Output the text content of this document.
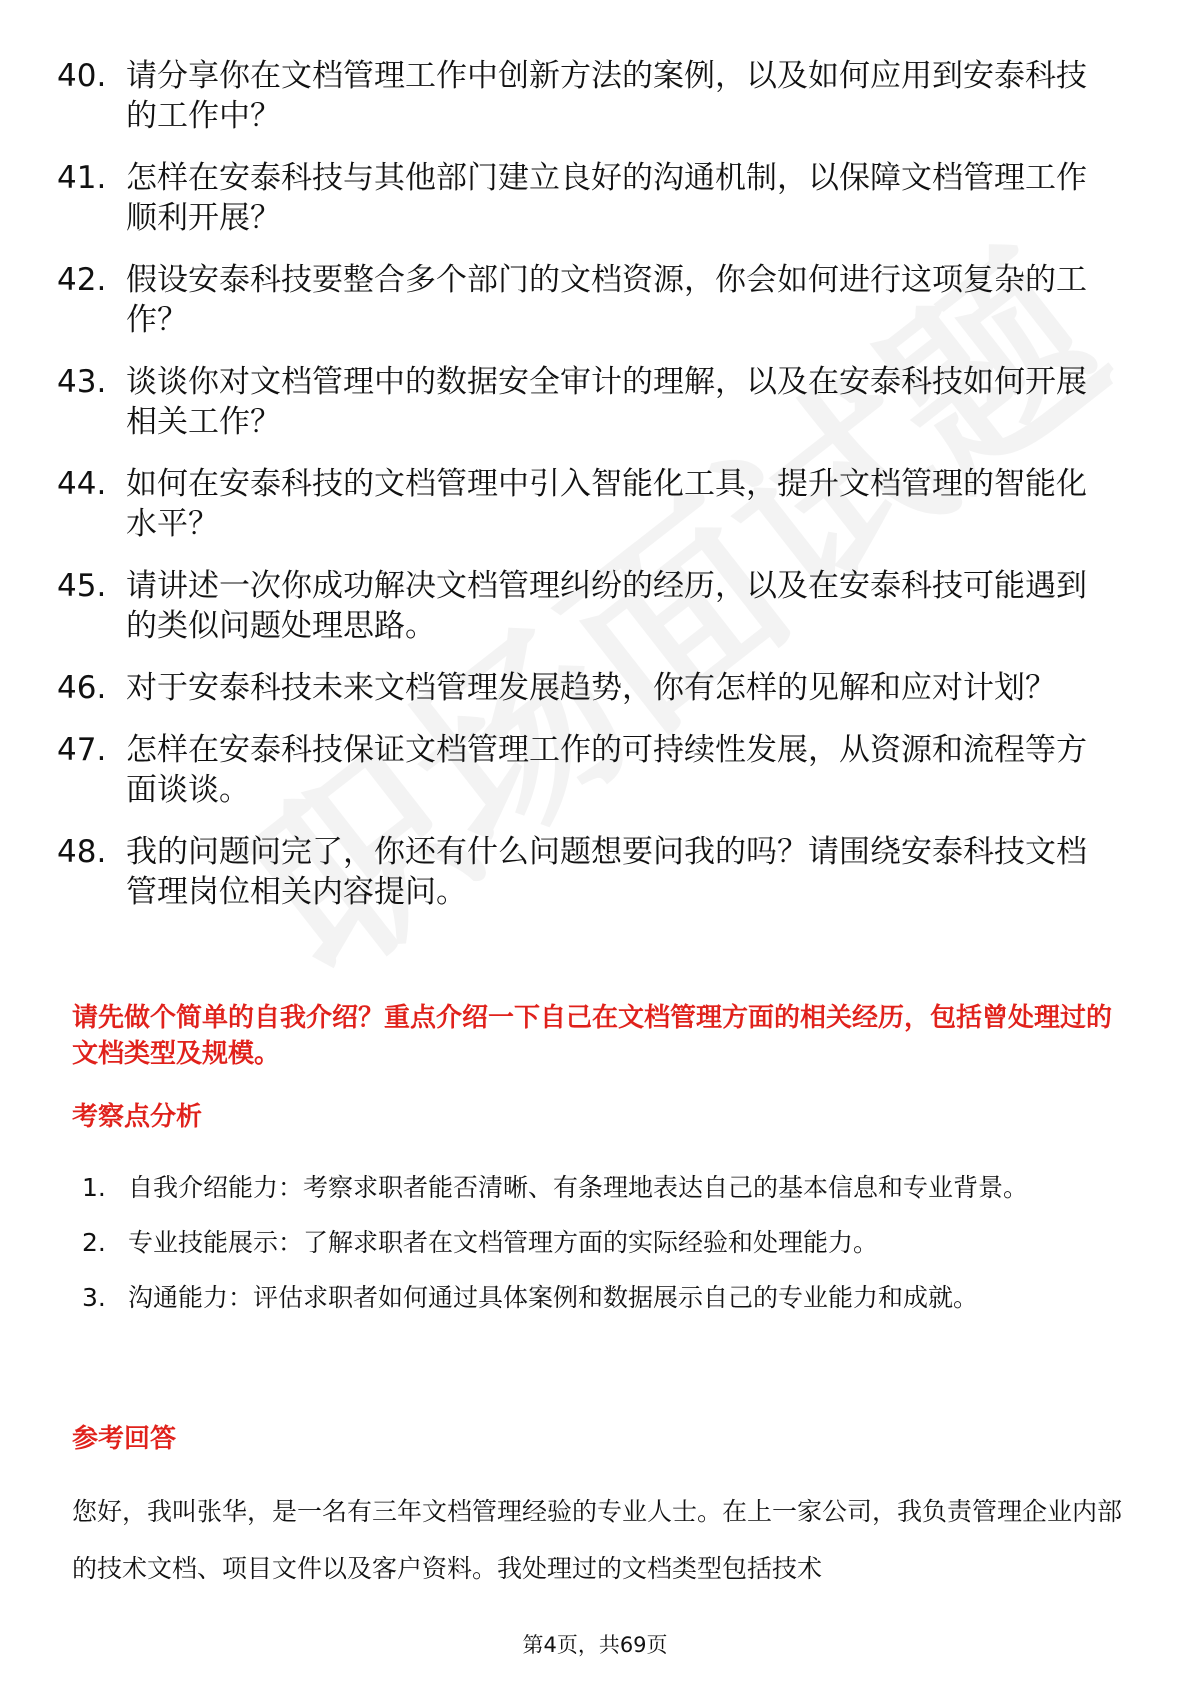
40. 请分享你在文档管理工作中创新方法的案例，以及如何应用到安泰科技的工作中？
41. 怎样在安泰科技与其他部门建立良好的沟通机制，以保障文档管理工作顺利开展？
42. 假设安泰科技要整合多个部门的文档资源，你会如何进行这项复杂的工作？
43. 谈谈你对文档管理中的数据安全审计的理解，以及在安泰科技如何开展相关工作？
44. 如何在安泰科技的文档管理中引入智能化工具，提升文档管理的智能化水平？
45. 请讲述一次你成功解决文档管理纠纷的经历，以及在安泰科技可能遇到的类似问题处理思路。
46. 对于安泰科技未来文档管理发展趋势，你有怎样的见解和应对计划？
47. 怎样在安泰科技保证文档管理工作的可持续性发展，从资源和流程等方面谈谈。
48. 我的问题问完了，你还有什么问题想要问我的吗？请围绕安泰科技文档管理岗位相关内容提问。
请先做个简单的自我介绍？重点介绍一下自己在文档管理方面的相关经历，包括曾处理过的文档类型及规模。
考察点分析
1. 自我介绍能力：考察求职者能否清晰、有条理地表达自己的基本信息和专业背景。
2. 专业技能展示：了解求职者在文档管理方面的实际经验和处理能力。
3. 沟通能力：评估求职者如何通过具体案例和数据展示自己的专业能力和成就。
参考回答
您好，我叫张华，是一名有三年文档管理经验的专业人士。在上一家公司，我负责管理企业内部的技术文档、项目文件以及客户资料。我处理过的文档类型包括技术
第4页，共69页
